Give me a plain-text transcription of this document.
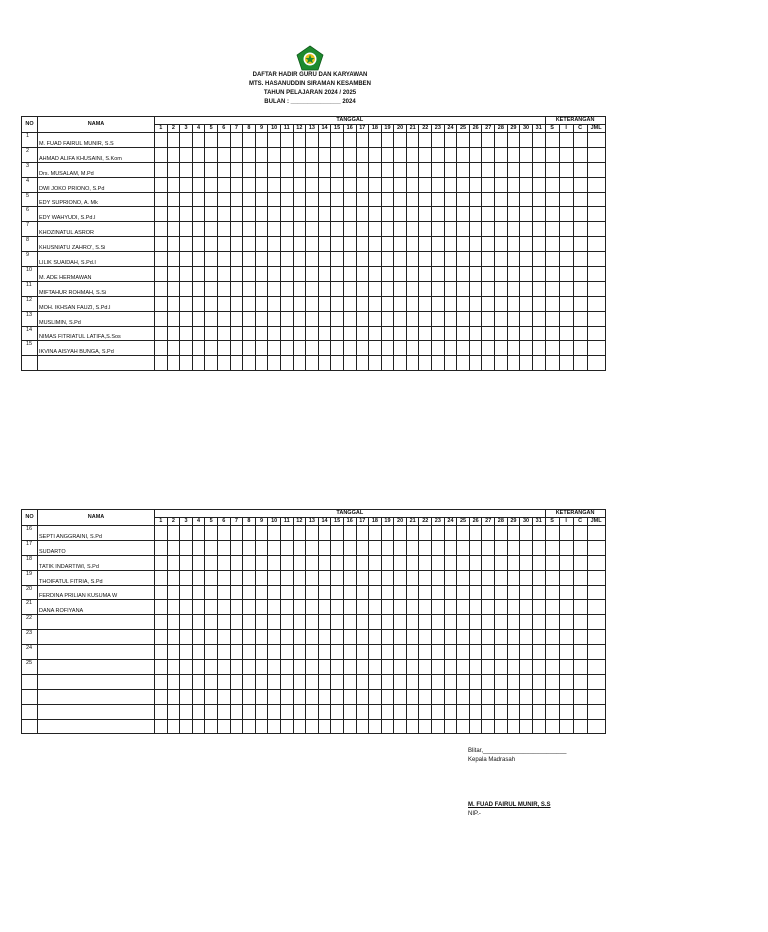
DAFTAR HADIR GURU DAN KARYAWAN
MTS. HASANUDDIN SIRAMAN KESAMBEN
TAHUN PELAJARAN 2024 / 2025
BULAN : _______________ 2024
NO	NAMA	TANGGAL																															KETERANGAN			
		1	2	3	4	5	6	7	8	9	10	11	12	13	14	15	16	17	18	19	20	21	22	23	24	25	26	27	28	29	30	31	S	I	C	JML
1	M. FUAD FAIRUL MUNIR, S.S																																			
2	AHMAD ALIFA KHUSAINI, S.Kom																																			
3	Drs. MUSALAM, M.Pd																																			
4	DWI JOKO PRIONO, S.Pd																																			
5	EDY SUPRIONO, A. Mk																																			
6	EDY WAHYUDI, S.Pd.I																																			
7	KHOZINATUL ASROR																																			
8	KHUSNIATU ZAHRO', S.Si																																			
9	LILIK SUAIDAH, S.Pd.I																																			
10	M. ADE HERMAWAN																																			
11	MIFTAHUR ROHMAH, S.Si																																			
12	MOH. IKHSAN FAUZI, S.Pd.I																																			
13	MUSLIMIN, S.Pd																																			
14	NIMAS FITRIATUL LATIFA,S.Sos																																			
15	IKVINA AISYAH BUNGA, S.Pd																																			

NO	NAMA	TANGGAL																															KETERANGAN			
		1	2	3	4	5	6	7	8	9	10	11	12	13	14	15	16	17	18	19	20	21	22	23	24	25	26	27	28	29	30	31	S	I	C	JML
16	SEPTI ANGGRAINI, S.Pd																																			
17	SUDARTO																																			
18	TATIK INDARTIWI, S.Pd																																			
19	THOIFATUL FITRIA, S.Pd																																			
20	FERDINA PRILIAN KUSUMA W																																			
21	DANA ROFIYANA																																			
22																																				
23																																				
24																																				
25																																				

Blitar,_________________________
Kepala Madrasah
M. FUAD FAIRUL MUNIR, S.S
NIP.-
